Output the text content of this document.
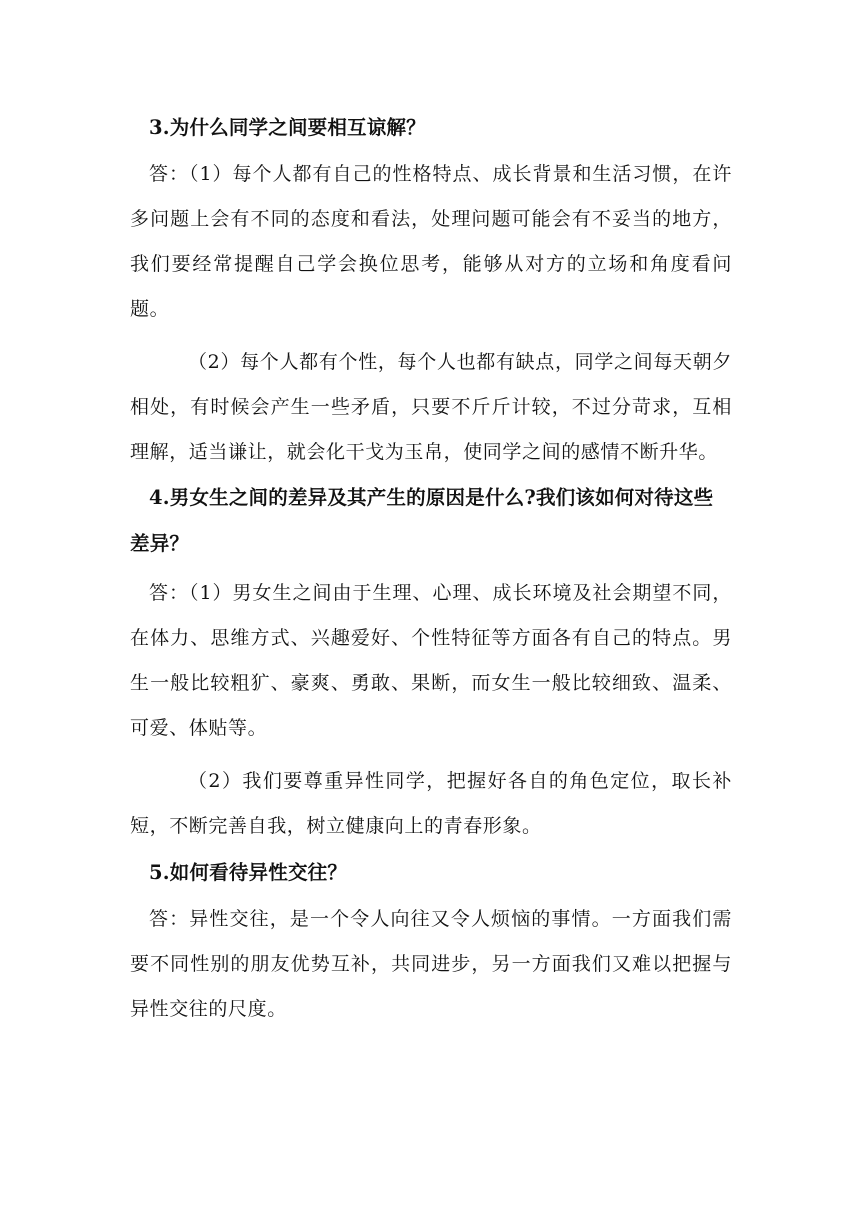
3.为什么同学之间要相互谅解？

答：（1）每个人都有自己的性格特点、成长背景和生活习惯，在许多问题上会有不同的态度和看法，处理问题可能会有不妥当的地方，我们要经常提醒自己学会换位思考，能够从对方的立场和角度看问题。

（2）每个人都有个性，每个人也都有缺点，同学之间每天朝夕相处，有时候会产生一些矛盾，只要不斤斤计较，不过分苛求，互相理解，适当谦让，就会化干戈为玉帛，使同学之间的感情不断升华。

4.男女生之间的差异及其产生的原因是什么?我们该如何对待这些差异？

答：（1）男女生之间由于生理、心理、成长环境及社会期望不同，在体力、思维方式、兴趣爱好、个性特征等方面各有自己的特点。男生一般比较粗犷、豪爽、勇敢、果断，而女生一般比较细致、温柔、可爱、体贴等。

（2）我们要尊重异性同学，把握好各自的角色定位，取长补短，不断完善自我，树立健康向上的青春形象。

5.如何看待异性交往？

答：异性交往，是一个令人向往又令人烦恼的事情。一方面我们需要不同性别的朋友优势互补，共同进步，另一方面我们又难以把握与异性交往的尺度。
